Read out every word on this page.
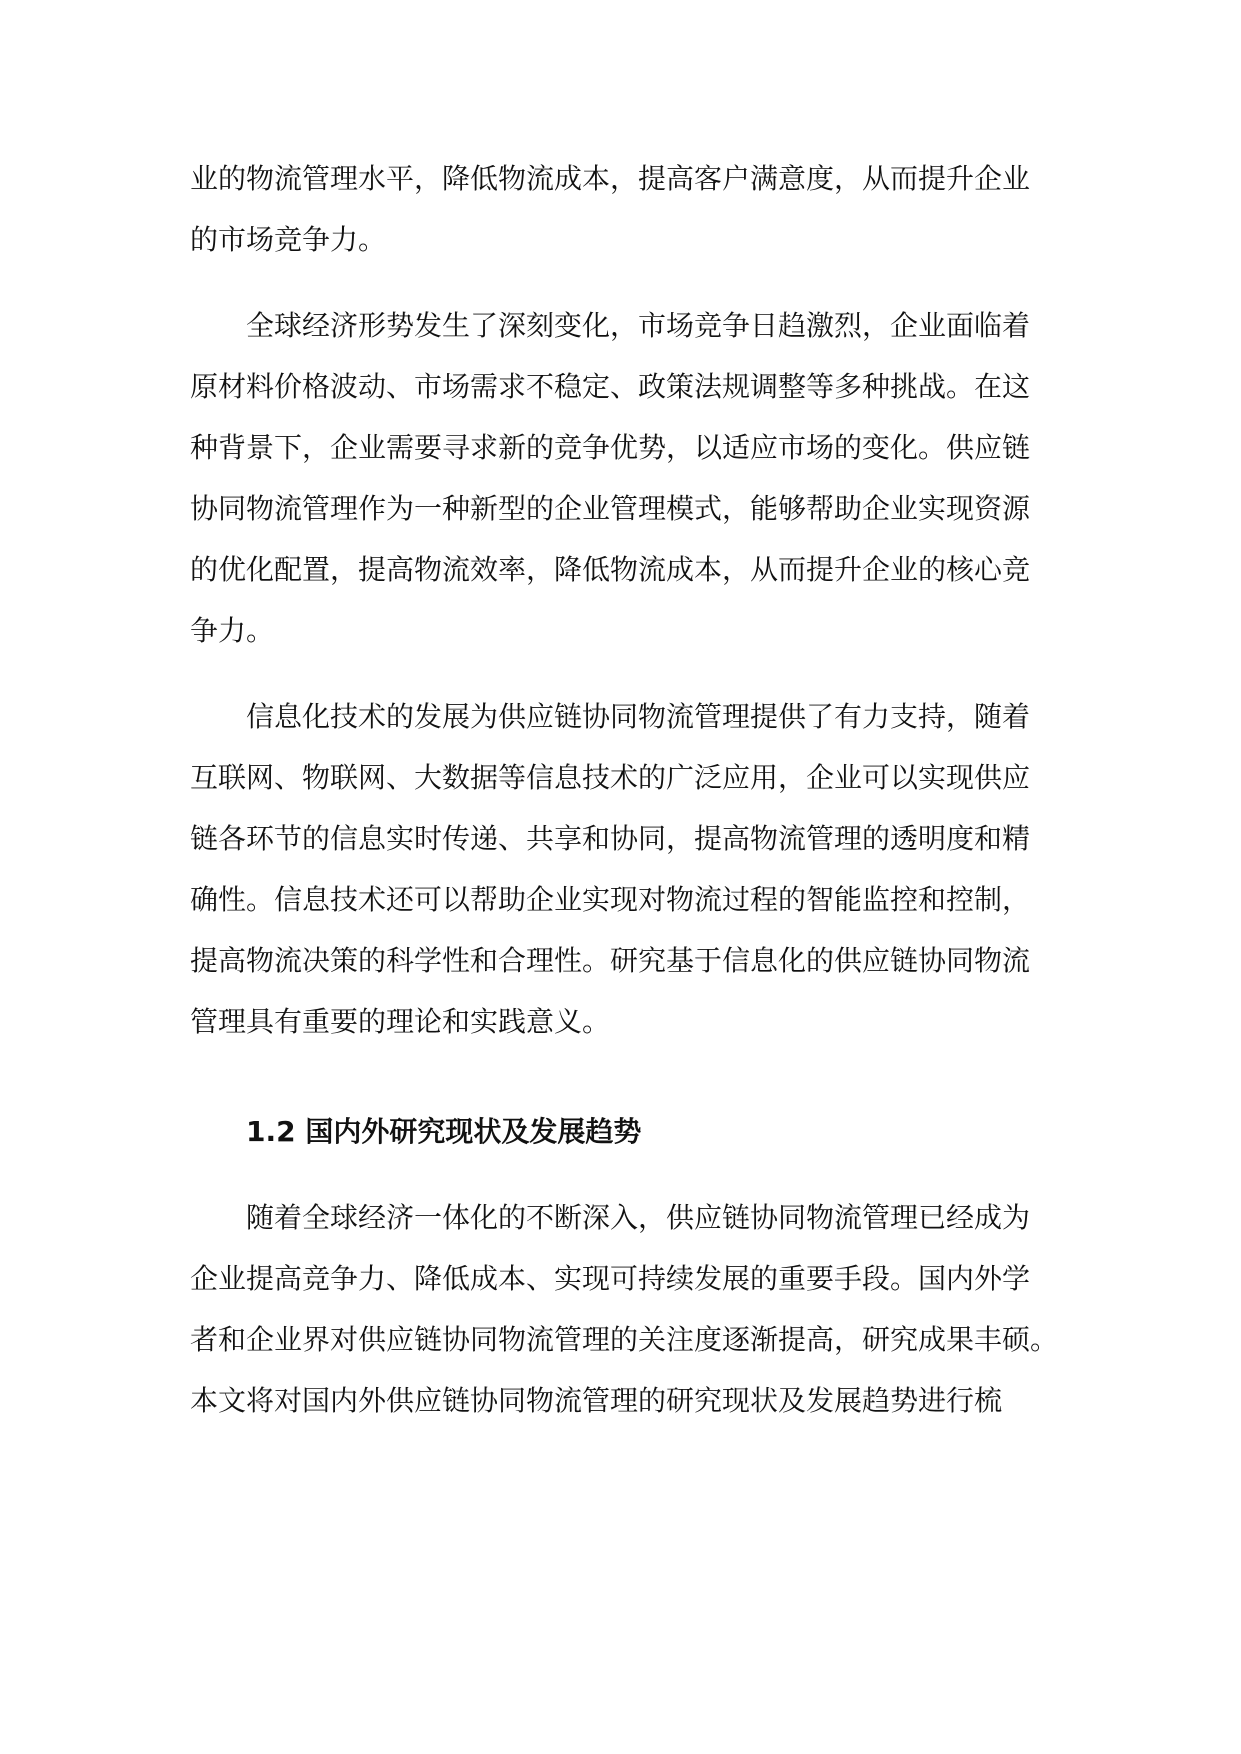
业的物流管理水平，降低物流成本，提高客户满意度，从而提升企业
的市场竞争力。
全球经济形势发生了深刻变化，市场竞争日趋激烈，企业面临着
原材料价格波动、市场需求不稳定、政策法规调整等多种挑战。在这
种背景下，企业需要寻求新的竞争优势，以适应市场的变化。供应链
协同物流管理作为一种新型的企业管理模式，能够帮助企业实现资源
的优化配置，提高物流效率，降低物流成本，从而提升企业的核心竞
争力。
信息化技术的发展为供应链协同物流管理提供了有力支持，随着
互联网、物联网、大数据等信息技术的广泛应用，企业可以实现供应
链各环节的信息实时传递、共享和协同，提高物流管理的透明度和精
确性。信息技术还可以帮助企业实现对物流过程的智能监控和控制，
提高物流决策的科学性和合理性。研究基于信息化的供应链协同物流
管理具有重要的理论和实践意义。
1.2 国内外研究现状及发展趋势
随着全球经济一体化的不断深入，供应链协同物流管理已经成为
企业提高竞争力、降低成本、实现可持续发展的重要手段。国内外学
者和企业界对供应链协同物流管理的关注度逐渐提高，研究成果丰硕。
本文将对国内外供应链协同物流管理的研究现状及发展趋势进行梳
